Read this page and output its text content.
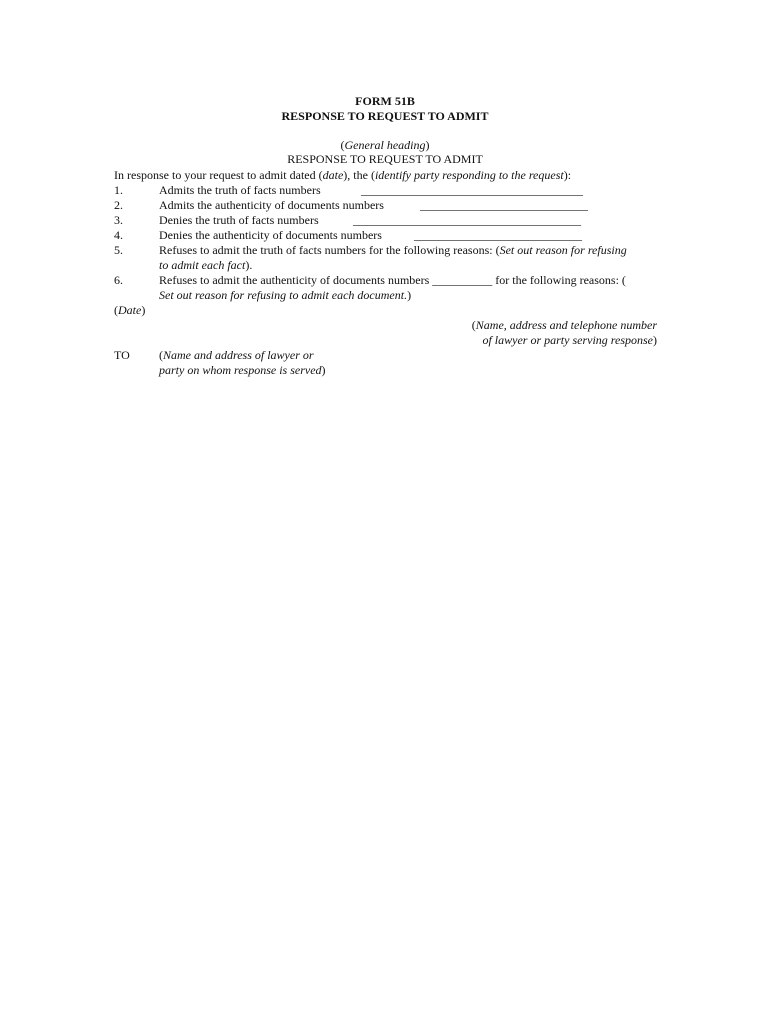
FORM 51B
RESPONSE TO REQUEST TO ADMIT
(General heading)
RESPONSE TO REQUEST TO ADMIT
In response to your request to admit dated (date), the (identify party responding to the request):
1.	Admits the truth of facts numbers	_____________________________________
2.	Admits the authenticity of documents numbers	____________________________
3.	Denies the truth of facts numbers	______________________________________
4.	Denies the authenticity of documents numbers	____________________________
5.	Refuses to admit the truth of facts numbers for the following reasons: (Set out reason for refusing
to admit each fact).
6.	Refuses to admit the authenticity of documents numbers __________ for the following reasons: (
Set out reason for refusing to admit each document.)
(Date)
(Name, address and telephone number
of lawyer or party serving response)
TO (Name and address of lawyer or
party on whom response is served)
